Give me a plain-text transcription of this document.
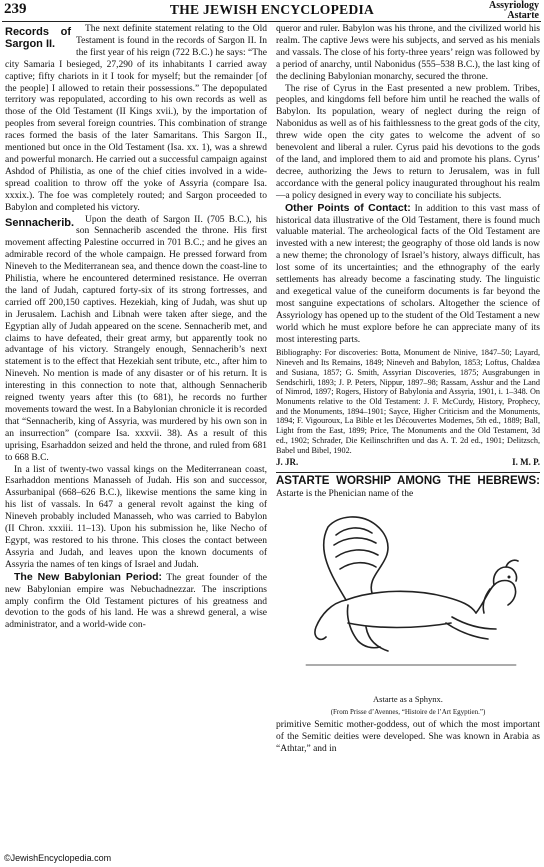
239	THE JEWISH ENCYCLOPEDIA	Assyriology
Astarte

Records of Sargon II.
The next definite statement relating to the Old Testament is found in the records of Sargon II. In the first year of his reign (722 B.C.) he says: “The city Samaria I besieged, 27,290 of its inhabitants I carried away captive; fifty chariots in it I took for myself; but the remainder [of the people] I allowed to retain their possessions.” The depopulated territory was repopulated, according to his own records as well as those of the Old Testament (II Kings xvii.), by the importation of peoples from several foreign countries. This combination of strange races formed the basis of the later Samaritans. This Sargon II., mentioned but once in the Old Testament (Isa. xx. 1), was a shrewd and powerful monarch. He carried out a successful campaign against Ashdod of Philistia, as one of the chief cities involved in a wide-spread coalition to throw off the yoke of Assyria (compare Isa. xxxix.). The foe was completely routed; and Sargon proceeded to Babylon and completed his victory.

Sennacherib. Upon the death of Sargon II. (705 B.C.), his son Sennacherib ascended the throne. His first movement affecting Palestine occurred in 701 B.C.; and he gives an admirable record of the whole campaign. He pressed forward from Nineveh to the Mediterranean sea, and thence down the coast-line to Philistia, where he encountered determined resistance. He overran the land of Judah, captured forty-six of its strong fortresses, and carried off 200,150 captives. Hezekiah, king of Judah, was shut up in Jerusalem. Lachish and Libnah were taken after siege, and the Egyptian ally of Judah appeared on the scene. Sennacherib met, and claims to have defeated, their great army, but apparently took no advantage of his victory. Strangely enough, Sennacherib’s next statement is to the effect that Hezekiah sent tribute, etc., after him to Nineveh. No mention is made of any disaster or of his return. It is interesting in this connection to note that, although Sennacherib reigned twenty years after this (to 681), he records no further movements toward the west. In a Babylonian chronicle it is recorded that “Sennacherib, king of Assyria, was murdered by his own son in an insurrection” (compare Isa. xxxvii. 38). As a result of this uprising, Esarhaddon seized and held the throne, and ruled from 681 to 668 B.C.

In a list of twenty-two vassal kings on the Mediterranean coast, Esarhaddon mentions Manasseh of Judah. His son and successor, Assurbanipal (668–626 B.C.), likewise mentions the same king in his list of vassals. In 647 a general revolt against the king of Nineveh probably included Manasseh, who was carried to Babylon (II Chron. xxxiii. 11–13). Upon his submission he, like Necho of Egypt, was restored to his throne. This closes the contact between Assyria and Judah, and leaves upon the known documents of Assyria the names of ten kings of Israel and Judah.

The New Babylonian Period: The great founder of the new Babylonian empire was Nebuchadnezzar. The inscriptions amply confirm the Old Testament pictures of his greatness and devotion to the gods of his land. He was a shrewd general, a wise administrator, and a world-wide con-

queror and ruler. Babylon was his throne, and the civilized world his realm. The captive Jews were his subjects, and served as his menials and vassals. The close of his forty-three years’ reign was followed by a period of anarchy, until Nabonidus (555–538 B.C.), the last king of the declining Babylonian monarchy, secured the throne.

The rise of Cyrus in the East presented a new problem. Tribes, peoples, and kingdoms fell before him until he reached the walls of Babylon. Its population, weary of neglect during the reign of Nabonidus as well as of his faithlessness to the great gods of the city, threw wide open the city gates to welcome the advent of so benevolent and liberal a ruler. Cyrus paid his devotions to the gods of the land, and implored them to aid and promote his plans. Cyrus’ decree, authorizing the Jews to return to Jerusalem, was in full accordance with the general policy inaugurated throughout his realm—a policy designed in every way to conciliate his subjects.

Other Points of Contact: In addition to this vast mass of historical data illustrative of the Old Testament, there is found much valuable material. The archeological facts of the Old Testament are invested with a new interest; the geography of those old lands is now a new theme; the chronology of Israel’s history, always difficult, has lost some of its uncertainties; and the ethnography of the early settlements has already become a fascinating study. The linguistic and exegetical value of the cuneiform documents is far beyond the most sanguine expectations of scholars. Altogether the science of Assyriology has opened up to the student of the Old Testament a new world which he must explore before he can appreciate many of its most interesting parts.

Bibliography: For discoveries: Botta, Monument de Ninive, 1847–50; Layard, Nineveh and Its Remains, 1849; Nineveh and Babylon, 1853; Loftus, Chaldæa and Susiana, 1857; G. Smith, Assyrian Discoveries, 1875; Ausgrabungen in Sendschirli, 1893; J. P. Peters, Nippur, 1897–98; Rassam, Asshur and the Land of Nimrod, 1897; Rogers, History of Babylonia and Assyria, 1901, i. 1–348. On Monuments relative to the Old Testament: J. F. McCurdy, History, Prophecy, and the Monuments, 1894–1901; Sayce, Higher Criticism and the Monuments, 1894; F. Vigouroux, La Bible et les Découvertes Modernes, 5th ed., 1889; Ball, Light from the East, 1899; Price, The Monuments and the Old Testament, 3d ed., 1902; Schrader, Die Keilinschriften und das A. T. 2d ed., 1901; Delitzsch, Babel und Bibel, 1902.

J. JR.	I. M. P.

ASTARTE WORSHIP AMONG THE HEBREWS: Astarte is the Phenician name of the

Astarte as a Sphynx.
(From Prisse d’Avennes, “Histoire de l’Art Egyptien.”)

primitive Semitic mother-goddess, out of which the most important of the Semitic deities were developed. She was known in Arabia as “Athtar,” and in

©JewishEncyclopedia.com
